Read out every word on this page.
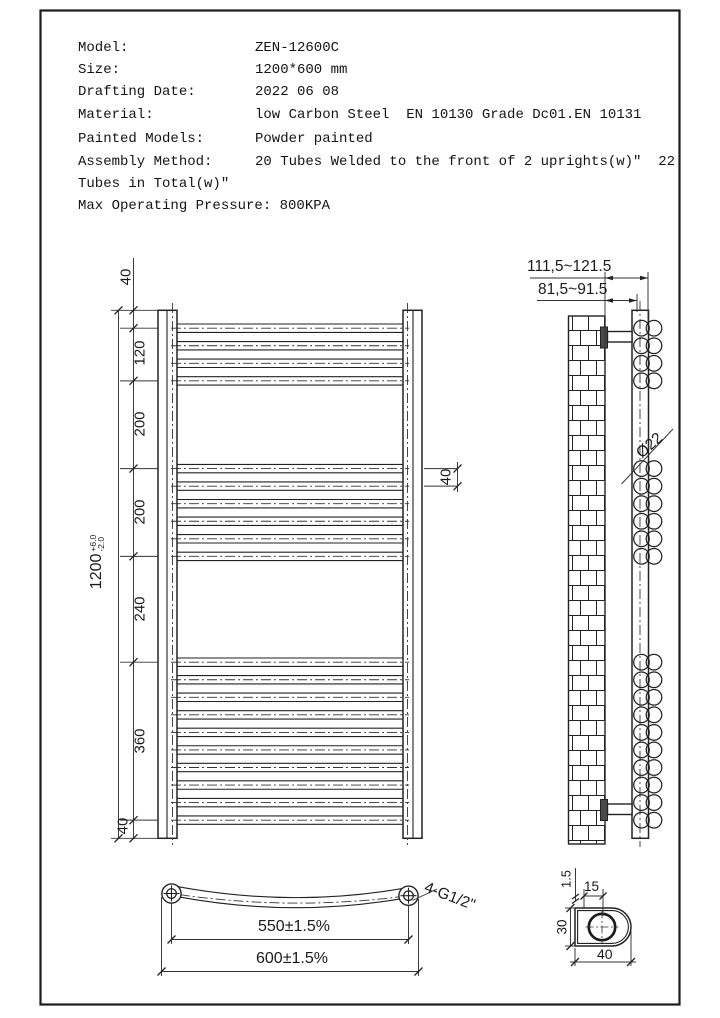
Model:	ZEN-12600C
Size:	1200*600 mm
Drafting Date:	2022 06 08
Material:	low Carbon Steel  EN 10130 Grade Dc01.EN 10131
Painted Models:	Powder painted
Assembly Method:	20 Tubes Welded to the front of 2 uprights(w)"  22
Tubes in Total(w)"
Max Operating Pressure: 800KPA
40
120
200
200
240
360
40
40
1200
+6.0
-2.0
111,5~121.5
81,5~91.5
Ø22
550±1.5%
600±1.5%
4-G1/2"	15
1.5
30
40
